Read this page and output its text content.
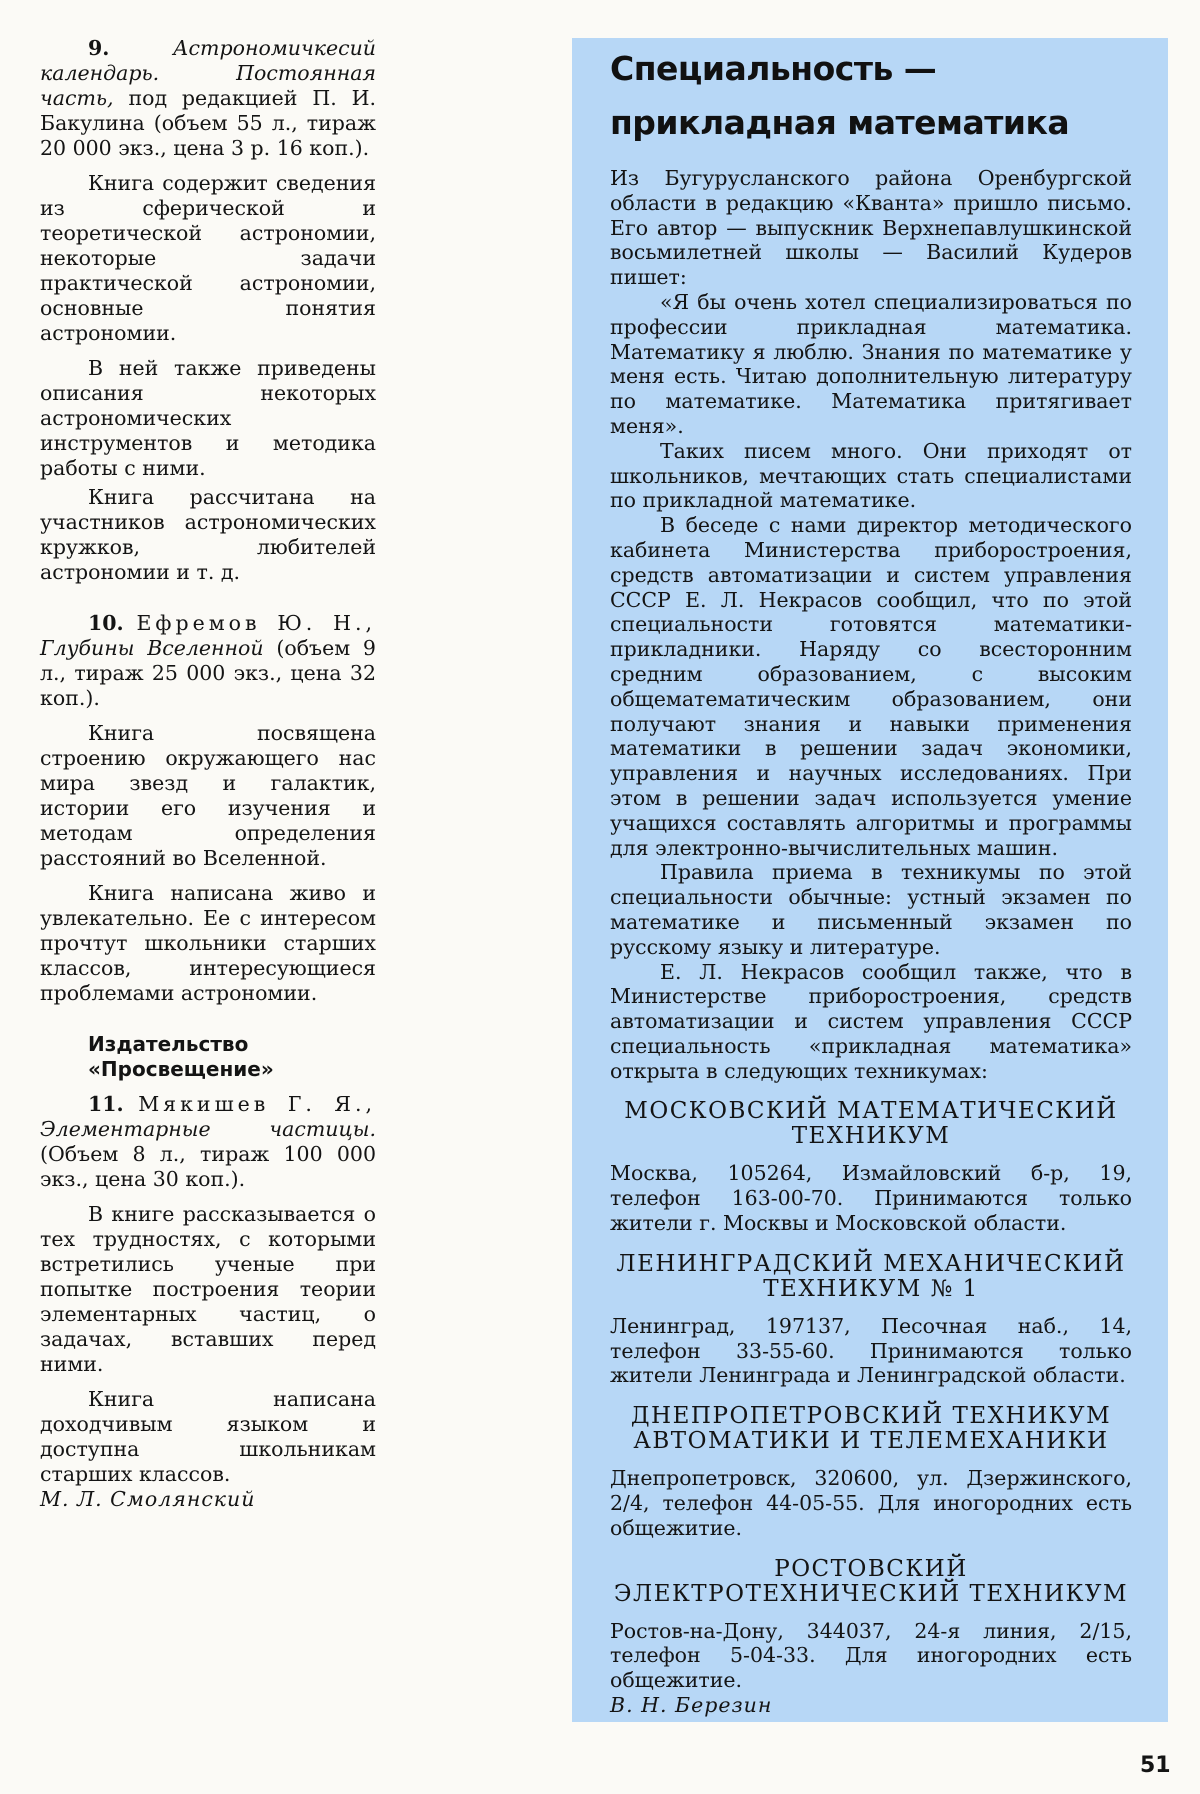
9.	Астрономичкесий календарь. Постоянная часть, под редакцией П. И. Бакулина (объем 55 л., тираж 20 000 экз., цена 3 р. 16 коп.).

Книга содержит сведения из сферической и теоретической астрономии, некоторые задачи практической астрономии, основные понятия астрономии.

В ней также приведены описания некоторых астрономических инструментов и методика работы с ними.

Книга рассчитана на участников астрономических кружков, любителей астрономии и т. д.

10. Ефремов Ю. Н., Глубины Вселенной (объем 9 л., тираж 25 000 экз., цена 32 коп.).

Книга посвящена строению окружающего нас мира звезд и галактик, истории его изучения и методам определения расстояний во Вселенной.

Книга написана живо и увлекательно. Ее с интересом прочтут школьники старших классов, интересующиеся проблемами астрономии.

Издательство
«Просвещение»

11. Мякишев Г. Я., Элементарные частицы. (Объем 8 л., тираж 100 000 экз., цена 30 коп.).

В книге рассказывается о тех трудностях, с которыми встретились ученые при попытке построения теории элементарных частиц, о задачах, вставших перед ними.

Книга написана доходчивым языком и доступна школьникам старших классов.

М. Л. Смолянский

Специальность —
прикладная математика

Из Бугурусланского района Оренбургской области в редакцию «Кванта» пришло письмо. Его автор — выпускник Верхнепавлушкинской восьмилетней школы — Василий Кудеров пишет:

«Я бы очень хотел специализироваться по профессии прикладная математика. Математику я люблю. Знания по математике у меня есть. Читаю дополнительную литературу по математике. Математика притягивает меня».

Таких писем много. Они приходят от школьников, мечтающих стать специалистами по прикладной математике.

В беседе с нами директор методического кабинета Министерства приборостроения, средств автоматизации и систем управления СССР Е. Л. Некрасов сообщил, что по этой специальности готовятся математики-прикладники. Наряду со всесторонним средним образованием, с высоким общематематическим образованием, они получают знания и навыки применения математики в решении задач экономики, управления и научных исследованиях. При этом в решении задач используется умение учащихся составлять алгоритмы и программы для электронно-вычислительных машин.

Правила приема в техникумы по этой специальности обычные: устный экзамен по математике и письменный экзамен по русскому языку и литературе.

Е. Л. Некрасов сообщил также, что в Министерстве приборостроения, средств автоматизации и систем управления СССР специальность «прикладная математика» открыта в следующих техникумах:

МОСКОВСКИЙ МАТЕМАТИЧЕСКИЙ ТЕХНИКУМ

Москва, 105264, Измайловский б-р, 19, телефон 163-00-70. Принимаются только жители г. Москвы и Московской области.

ЛЕНИНГРАДСКИЙ МЕХАНИЧЕСКИЙ ТЕХНИКУМ № 1

Ленинград, 197137, Песочная наб., 14, телефон 33-55-60. Принимаются только жители Ленинграда и Ленинградской области.

ДНЕПРОПЕТРОВСКИЙ ТЕХНИКУМ АВТОМАТИКИ И ТЕЛЕМЕХАНИКИ

Днепропетровск, 320600, ул. Дзержинского, 2/4, телефон 44-05-55. Для иногородних есть общежитие.

РОСТОВСКИЙ ЭЛЕКТРОТЕХНИЧЕСКИЙ ТЕХНИКУМ

Ростов-на-Дону, 344037, 24-я линия, 2/15, телефон 5-04-33. Для иногородних есть общежитие.

В. Н. Березин

51
